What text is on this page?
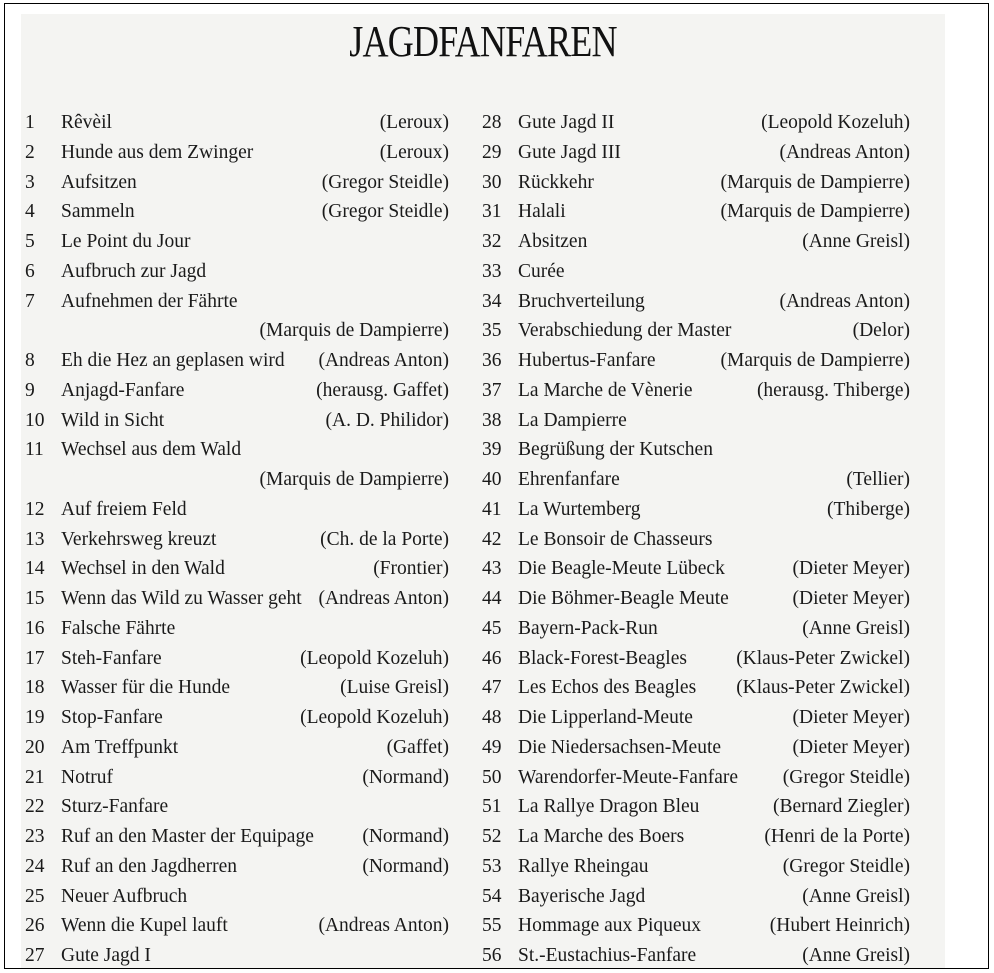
JAGDFANFAREN
1	Rêvèil	(Leroux)
2	Hunde aus dem Zwinger	(Leroux)
3	Aufsitzen	(Gregor Steidle)
4	Sammeln	(Gregor Steidle)
5	Le Point du Jour
6	Aufbruch zur Jagd
7	Aufnehmen der Fährte
(Marquis de Dampierre)
8	Eh die Hez an geplasen wird (Andreas Anton)
9	Anjagd-Fanfare	(herausg. Gaffet)
10 Wild in Sicht	(A. D. Philidor)
11 Wechsel aus dem Wald
(Marquis de Dampierre)
12 Auf freiem Feld
13 Verkehrsweg kreuzt	(Ch. de la Porte)
14 Wechsel in den Wald	(Frontier)
15 Wenn das Wild zu Wasser geht (Andreas Anton)
16 Falsche Fährte
17 Steh-Fanfare	(Leopold Kozeluh)
18 Wasser für die Hunde	(Luise Greisl)
19 Stop-Fanfare	(Leopold Kozeluh)
20 Am Treffpunkt	(Gaffet)
21 Notruf	(Normand)
22 Sturz-Fanfare
23 Ruf an den Master der Equipage (Normand)
24 Ruf an den Jagdherren	(Normand)
25 Neuer Aufbruch
26 Wenn die Kupel lauft	(Andreas Anton)
27 Gute Jagd I
28 Gute Jagd II	(Leopold Kozeluh)
29 Gute Jagd III	(Andreas Anton)
30 Rückkehr	(Marquis de Dampierre)
31 Halali	(Marquis de Dampierre)
32 Absitzen	(Anne Greisl)
33 Curée
34 Bruchverteilung	(Andreas Anton)
35 Verabschiedung der Master	(Delor)
36 Hubertus-Fanfare	(Marquis de Dampierre)
37 La Marche de Vènerie	(herausg. Thiberge)
38 La Dampierre
39 Begrüßung der Kutschen
40 Ehrenfanfare	(Tellier)
41 La Wurtemberg	(Thiberge)
42 Le Bonsoir de Chasseurs
43 Die Beagle-Meute Lübeck	(Dieter Meyer)
44 Die Böhmer-Beagle Meute	(Dieter Meyer)
45 Bayern-Pack-Run	(Anne Greisl)
46 Black-Forest-Beagles	(Klaus-Peter Zwickel)
47 Les Echos des Beagles (Klaus-Peter Zwickel)
48 Die Lipperland-Meute	(Dieter Meyer)
49 Die Niedersachsen-Meute	(Dieter Meyer)
50 Warendorfer-Meute-Fanfare (Gregor Steidle)
51 La Rallye Dragon Bleu	(Bernard Ziegler)
52 La Marche des Boers	(Henri de la Porte)
53 Rallye Rheingau	(Gregor Steidle)
54 Bayerische Jagd	(Anne Greisl)
55 Hommage aux Piqueux	(Hubert Heinrich)
56 St.-Eustachius-Fanfare	(Anne Greisl)
